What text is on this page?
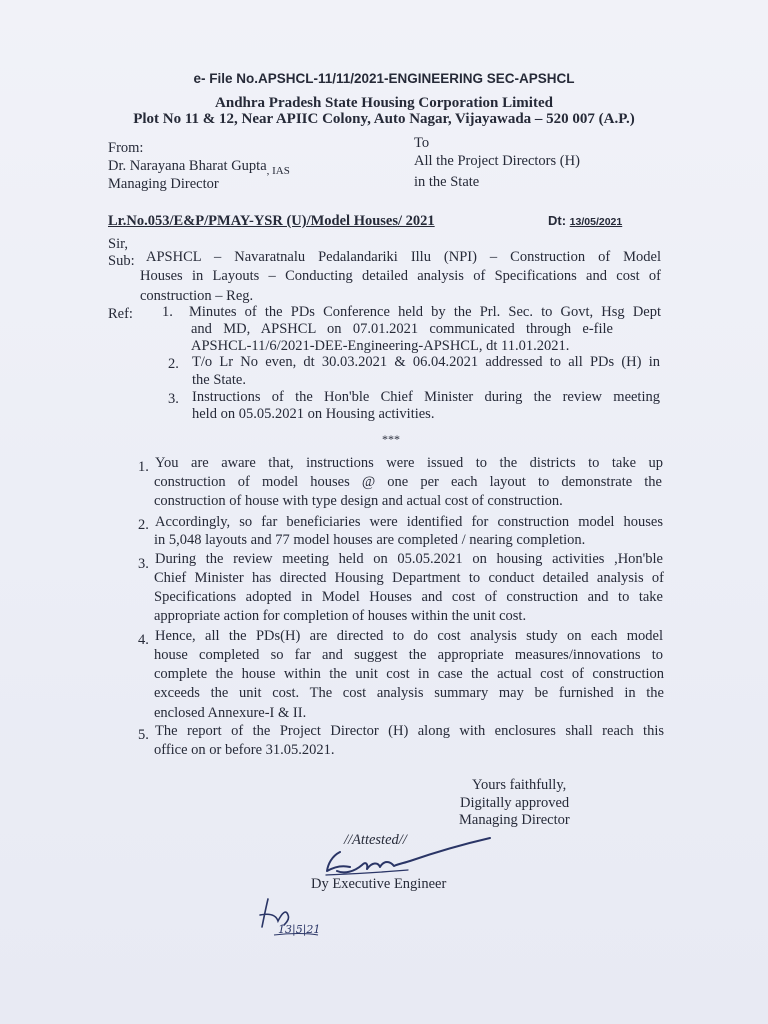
e- File No.APSHCL-11/11/2021-ENGINEERING SEC-APSHCL
Andhra Pradesh State Housing Corporation Limited
Plot No 11 & 12, Near APIIC Colony, Auto Nagar, Vijayawada – 520 007 (A.P.)
From:
Dr. Narayana Bharat Gupta$_{, IAS}$
Managing Director
To
All the Project Directors (H)
in the State
Lr.No.053/E&P/PMAY-YSR (U)/Model Houses/ 2021	Dt: 13/05/2021
Sir,
Sub: APSHCL – Navaratnalu Pedalandariki Illu (NPI) – Construction of Model
Houses in Layouts – Conducting detailed analysis of Specifications and cost of
construction – Reg.
Ref: 1. Minutes of the PDs Conference held by the Prl. Sec. to Govt, Hsg Dept
and MD, APSHCL on 07.01.2021 communicated through e-file
APSHCL-11/6/2021-DEE-Engineering-APSHCL, dt 11.01.2021.
2. T/o Lr No even, dt 30.03.2021 & 06.04.2021 addressed to all PDs (H) in
the State.
3. Instructions of the Hon'ble Chief Minister during the review meeting
held on 05.05.2021 on Housing activities.
***
1. You are aware that, instructions were issued to the districts to take up
construction of model houses @ one per each layout to demonstrate the
construction of house with type design and actual cost of construction.
2. Accordingly, so far beneficiaries were identified for construction model houses
in 5,048 layouts and 77 model houses are completed / nearing completion.
3. During the review meeting held on 05.05.2021 on housing activities ,Hon'ble
Chief Minister has directed Housing Department to conduct detailed analysis of
Specifications adopted in Model Houses and cost of construction and to take
appropriate action for completion of houses within the unit cost.
4. Hence, all the PDs(H) are directed to do cost analysis study on each model
house completed so far and suggest the appropriate measures/innovations to
complete the house within the unit cost in case the actual cost of construction
exceeds the unit cost. The cost analysis summary may be furnished in the
enclosed Annexure-I & II.
5. The report of the Project Director (H) along with enclosures shall reach this
office on or before 31.05.2021.
Yours faithfully,
Digitally approved
Managing Director
//Attested//
Dy Executive Engineer
13|5|21
